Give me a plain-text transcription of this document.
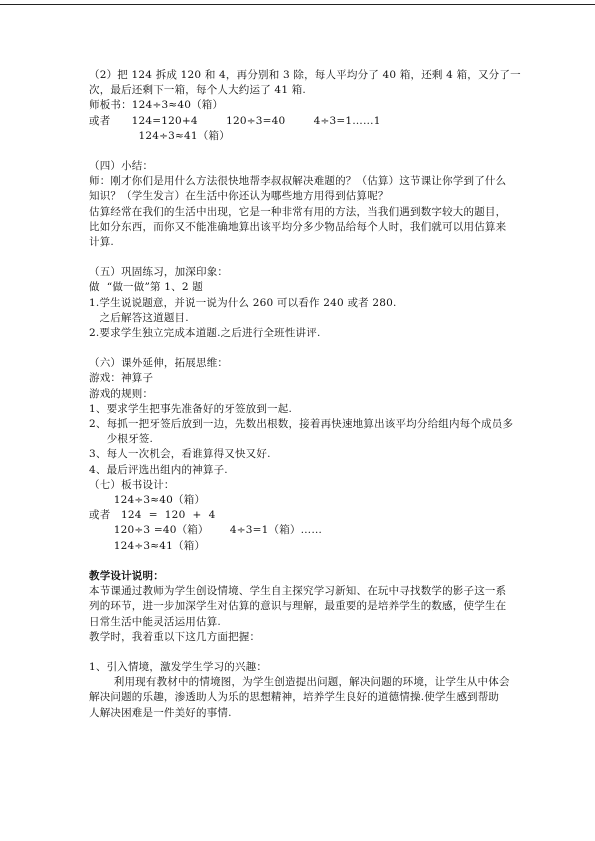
（2）把 124 拆成 120 和 4，再分别和 3 除，每人平均分了 40 箱，还剩 4 箱，又分了一
次，最后还剩下一箱，每个人大约运了 41 箱.
师板书：124÷3≈40（箱）
或者      124=120+4        120÷3=40        4÷3=1……1
124÷3≈41（箱）
（四）小结：
师：刚才你们是用什么方法很快地帮李叔叔解决难题的？（估算）这节课让你学到了什么
知识？（学生发言）在生活中你还认为哪些地方用得到估算呢？
估算经常在我们的生活中出现，它是一种非常有用的方法，当我们遇到数字较大的题目，
比如分东西，而你又不能准确地算出该平均分多少物品给每个人时，我们就可以用估算来
计算.
（五）巩固练习，加深印象：
做  “做一做”第 1、2 题
1.学生说说题意，并说一说为什么 260 可以看作 240 或者 280.
之后解答这道题目.
2.要求学生独立完成本道题.之后进行全班性讲评.
（六）课外延伸，拓展思维：
游戏：神算子
游戏的规则：
1、要求学生把事先准备好的牙签放到一起.
2、每抓一把牙签后放到一边，先数出根数，接着再快速地算出该平均分给组内每个成员多
少根牙签.
3、每人一次机会，看谁算得又快又好.
4、最后评选出组内的神算子.
（七）板书设计：
124÷3≈40（箱）
或者   124  =  120  +  4
120÷3 =40（箱）      4÷3=1（箱）……
124÷3≈41（箱）
教学设计说明：
本节课通过教师为学生创设情境、学生自主探究学习新知、在玩中寻找数学的影子这一系
列的环节，进一步加深学生对估算的意识与理解，最重要的是培养学生的数感，使学生在
日常生活中能灵活运用估算.
教学时，我着重以下这几方面把握：
1、引入情境，激发学生学习的兴趣：
利用现有教材中的情境图，为学生创造提出问题，解决问题的环境，让学生从中体会
解决问题的乐趣，渗透助人为乐的思想精神，培养学生良好的道德情操.使学生感到帮助
人解决困难是一件美好的事情.
